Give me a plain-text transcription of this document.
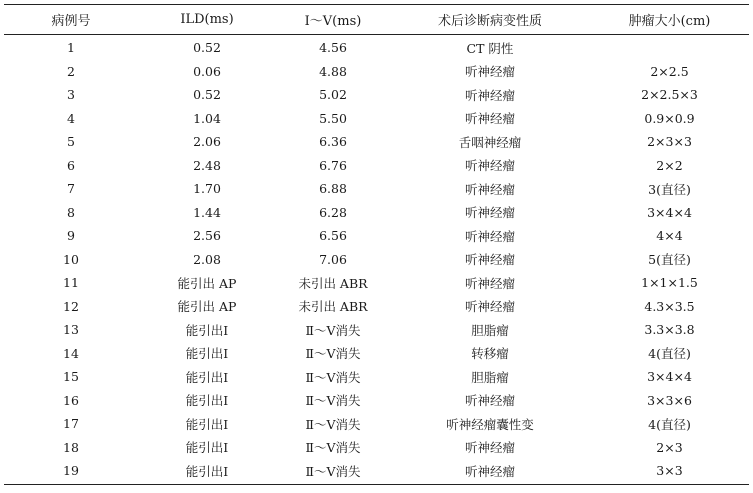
病例号	ILD(ms)	Ⅰ～Ⅴ(ms)	术后诊断病变性质	肿瘤大小(cm)
1	0.52	4.56	CT 阴性
2	0.06	4.88	听神经瘤	2×2.5
3	0.52	5.02	听神经瘤	2×2.5×3
4	1.04	5.50	听神经瘤	0.9×0.9
5	2.06	6.36	舌咽神经瘤	2×3×3
6	2.48	6.76	听神经瘤	2×2
7	1.70	6.88	听神经瘤	3(直径)
8	1.44	6.28	听神经瘤	3×4×4
9	2.56	6.56	听神经瘤	4×4
10	2.08	7.06	听神经瘤	5(直径)
11	能引出 AP	未引出 ABR	听神经瘤	1×1×1.5
12	能引出 AP	未引出 ABR	听神经瘤	4.3×3.5
13	能引出Ⅰ	Ⅱ～Ⅴ消失	胆脂瘤	3.3×3.8
14	能引出Ⅰ	Ⅱ～Ⅴ消失	转移瘤	4(直径)
15	能引出Ⅰ	Ⅱ～Ⅴ消失	胆脂瘤	3×4×4
16	能引出Ⅰ	Ⅱ～Ⅴ消失	听神经瘤	3×3×6
17	能引出Ⅰ	Ⅱ～Ⅴ消失	听神经瘤囊性变	4(直径)
18	能引出Ⅰ	Ⅱ～Ⅴ消失	听神经瘤	2×3
19	能引出Ⅰ	Ⅱ～Ⅴ消失	听神经瘤	3×3
